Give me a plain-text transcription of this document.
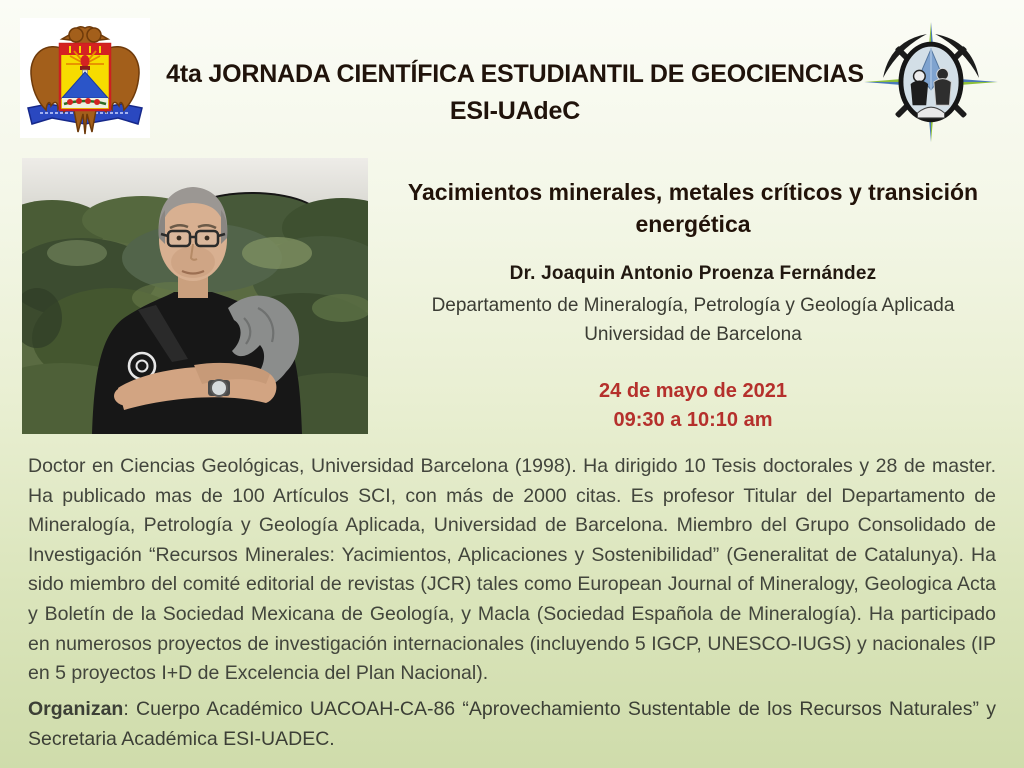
4ta JORNADA CIENTÍFICA ESTUDIANTIL DE GEOCIENCIAS
ESI-UAdeC
Yacimientos minerales, metales críticos y transición
energética
Dr. Joaquin Antonio Proenza Fernández
Departamento de Mineralogía, Petrología y Geología Aplicada
Universidad de Barcelona
24 de mayo de 2021
09:30 a 10:10 am

Doctor en Ciencias Geológicas, Universidad Barcelona (1998). Ha dirigido 10 Tesis doctorales y 28 de master. Ha publicado mas de 100 Artículos SCI, con más de 2000 citas. Es profesor Titular del Departamento de Mineralogía, Petrología y Geología Aplicada, Universidad de Barcelona. Miembro del Grupo Consolidado de Investigación “Recursos Minerales: Yacimientos, Aplicaciones y Sostenibilidad” (Generalitat de Catalunya). Ha sido miembro del comité editorial de revistas (JCR) tales como European Journal of Mineralogy, Geologica Acta y Boletín de la Sociedad Mexicana de Geología, y Macla (Sociedad Española de Mineralogía). Ha participado en numerosos proyectos de investigación internacionales (incluyendo 5 IGCP, UNESCO-IUGS) y nacionales (IP en 5 proyectos I+D de Excelencia del Plan Nacional).

Organizan: Cuerpo Académico UACOAH-CA-86 “Aprovechamiento Sustentable de los Recursos Naturales” y Secretaria Académica ESI-UADEC.
